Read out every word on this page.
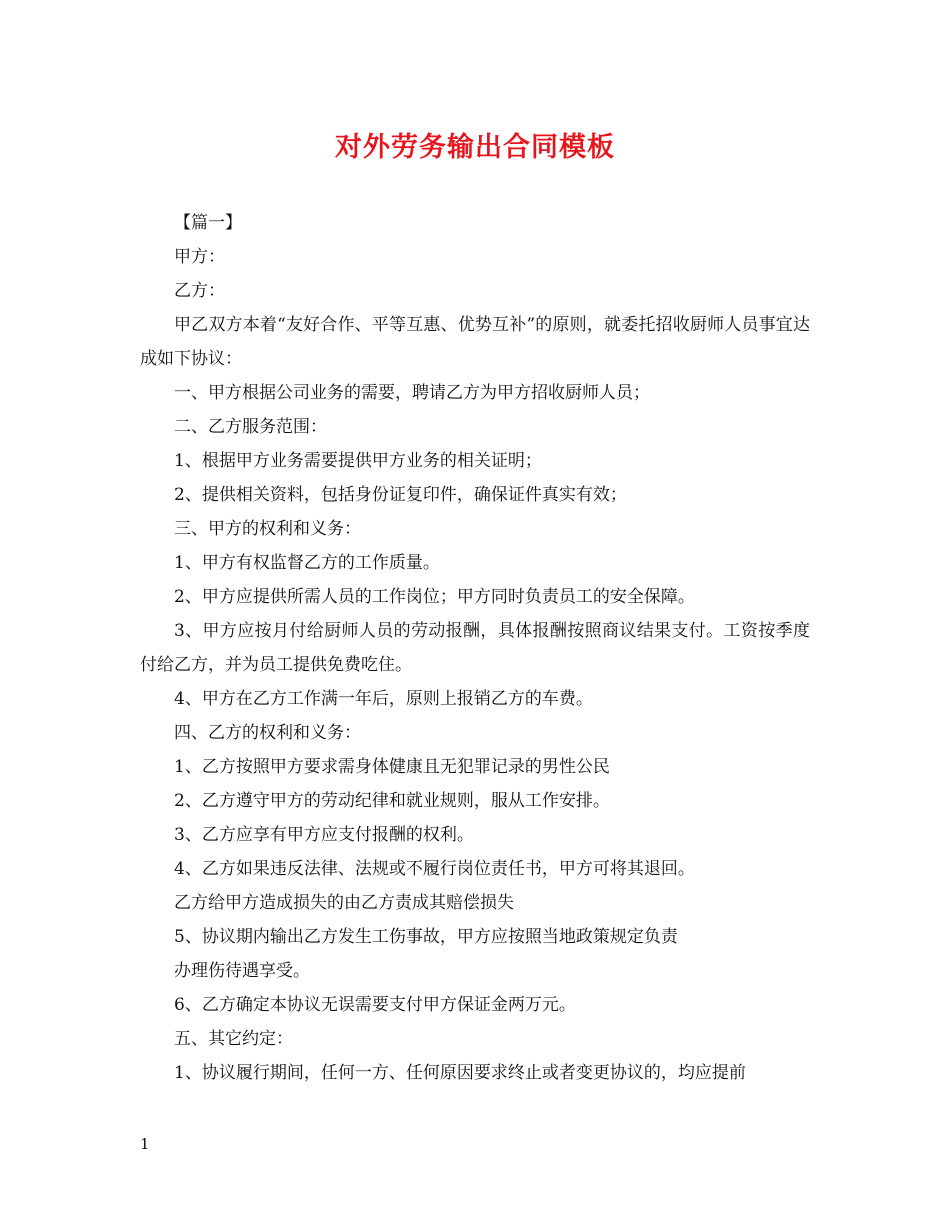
对外劳务输出合同模板
【篇一】
甲方：
乙方：
甲乙双方本着“友好合作、平等互惠、优势互补”的原则，就委托招收厨师人员事宜达成如下协议：
一、甲方根据公司业务的需要，聘请乙方为甲方招收厨师人员；
二、乙方服务范围：
1、根据甲方业务需要提供甲方业务的相关证明；
2、提供相关资料，包括身份证复印件，确保证件真实有效；
三、甲方的权利和义务：
1、甲方有权监督乙方的工作质量。
2、甲方应提供所需人员的工作岗位；甲方同时负责员工的安全保障。
3、甲方应按月付给厨师人员的劳动报酬，具体报酬按照商议结果支付。工资按季度付给乙方，并为员工提供免费吃住。
4、甲方在乙方工作满一年后，原则上报销乙方的车费。
四、乙方的权利和义务：
1、乙方按照甲方要求需身体健康且无犯罪记录的男性公民
2、乙方遵守甲方的劳动纪律和就业规则，服从工作安排。
3、乙方应享有甲方应支付报酬的权利。
4、乙方如果违反法律、法规或不履行岗位责任书，甲方可将其退回。
乙方给甲方造成损失的由乙方责成其赔偿损失
5、协议期内输出乙方发生工伤事故，甲方应按照当地政策规定负责
办理伤待遇享受。
6、乙方确定本协议无误需要支付甲方保证金两万元。
五、其它约定：
1、协议履行期间，任何一方、任何原因要求终止或者变更协议的，均应提前
1
